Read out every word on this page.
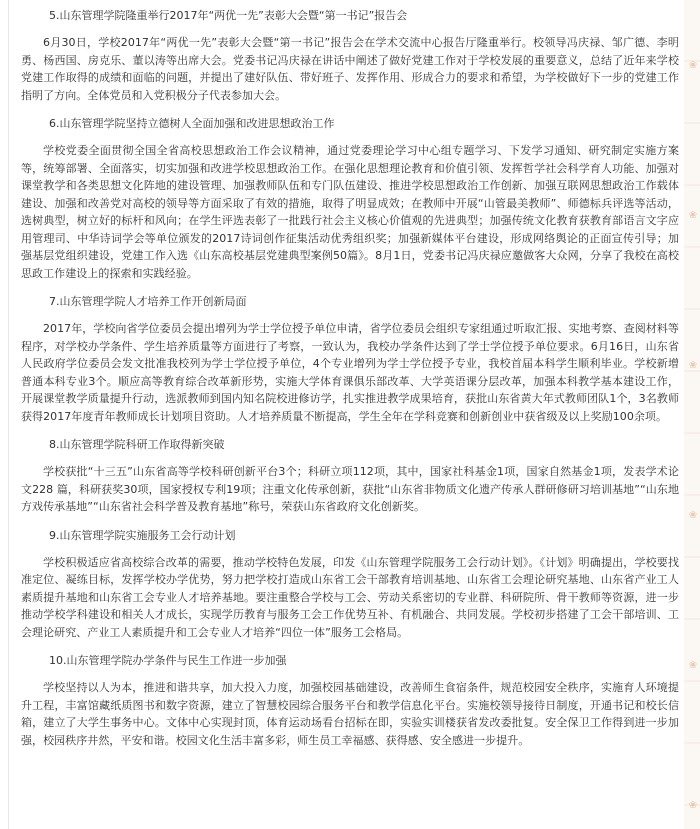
❀
❀
❀
❀
❀
❀
5.山东管理学院隆重举行2017年“两优一先”表彰大会暨“第一书记”报告会

6月30日，学校2017年“两优一先”表彰大会暨“第一书记”报告会在学术交流中心报告厅隆重举行。校领导冯庆禄、邹广德、李明勇、杨西国、房克乐、董以涛等出席大会。党委书记冯庆禄在讲话中阐述了做好党建工作对于学校发展的重要意义，总结了近年来学校党建工作取得的成绩和面临的问题，并提出了建好队伍、带好班子、发挥作用、形成合力的要求和希望，为学校做好下一步的党建工作指明了方向。全体党员和入党积极分子代表参加大会。

6.山东管理学院坚持立德树人全面加强和改进思想政治工作

学校党委全面贯彻全国全省高校思想政治工作会议精神，通过党委理论学习中心组专题学习、下发学习通知、研究制定实施方案等，统筹部署、全面落实，切实加强和改进学校思想政治工作。在强化思想理论教育和价值引领、发挥哲学社会科学育人功能、加强对课堂教学和各类思想文化阵地的建设管理、加强教师队伍和专门队伍建设、推进学校思想政治工作创新、加强互联网思想政治工作载体建设、加强和改善党对高校的领导等方面采取了有效的措施，取得了明显成效；在教师中开展“山管最美教师”、师德标兵评选等活动，选树典型，树立好的标杆和风向；在学生评选表彰了一批践行社会主义核心价值观的先进典型；加强传统文化教育获教育部语言文字应用管理司、中华诗词学会等单位颁发的2017诗词创作征集活动优秀组织奖；加强新媒体平台建设，形成网络舆论的正面宣传引导；加强基层党组织建设，党建工作入选《山东高校基层党建典型案例50篇》。8月1日，党委书记冯庆禄应邀做客大众网，分享了我校在高校思政工作建设上的探索和实践经验。

7.山东管理学院人才培养工作开创新局面

2017年，学校向省学位委员会提出增列为学士学位授予单位申请，省学位委员会组织专家组通过听取汇报、实地考察、查阅材料等程序，对学校办学条件、学生培养质量等方面进行了考察，一致认为，我校办学条件达到了学士学位授予单位要求。6月16日，山东省人民政府学位委员会发文批准我校列为学士学位授予单位，4个专业增列为学士学位授予专业，我校首届本科学生顺利毕业。学校新增普通本科专业3个。顺应高等教育综合改革新形势，实施大学体育课俱乐部改革、大学英语课分层改革，加强本科教学基本建设工作，开展课堂教学质量提升行动，选派教师到国内知名院校进修访学，扎实推进教学成果培育，获批山东省黄大年式教师团队1个，3名教师获得2017年度青年教师成长计划项目资助。人才培养质量不断提高，学生全年在学科竞赛和创新创业中获省级及以上奖励100余项。

8.山东管理学院科研工作取得新突破

学校获批“十三五”山东省高等学校科研创新平台3个；科研立项112项，其中，国家社科基金1项，国家自然基金1项，发表学术论文228 篇，科研获奖30项，国家授权专利19项；注重文化传承创新，获批“山东省非物质文化遗产传承人群研修研习培训基地”“山东地方戏传承基地”“山东省社会科学普及教育基地”称号，荣获山东省政府文化创新奖。

9.山东管理学院实施服务工会行动计划

学校积极适应省高校综合改革的需要，推动学校特色发展，印发《山东管理学院服务工会行动计划》。《计划》明确提出，学校要找准定位、凝练目标，发挥学校办学优势，努力把学校打造成山东省工会干部教育培训基地、山东省工会理论研究基地、山东省产业工人素质提升基地和山东省工会专业人才培养基地。要注重整合学校与工会、劳动关系密切的专业群、科研院所、骨干教师等资源，进一步推动学校学科建设和相关人才成长，实现学历教育与服务工会工作优势互补、有机融合、共同发展。学校初步搭建了工会干部培训、工会理论研究、产业工人素质提升和工会专业人才培养“四位一体”服务工会格局。

10.山东管理学院办学条件与民生工作进一步加强

学校坚持以人为本，推进和谐共享，加大投入力度，加强校园基础建设，改善师生食宿条件，规范校园安全秩序，实施育人环境提升工程，丰富馆藏纸质图书和数字资源，建立了智慧校园综合服务平台和教学信息化平台。实施校领导接待日制度，开通书记和校长信箱，建立了大学生事务中心。文体中心实现封顶，体育运动场看台招标在即，实验实训楼获省发改委批复。安全保卫工作得到进一步加强，校园秩序井然，平安和谐。校园文化生活丰富多彩，师生员工幸福感、获得感、安全感进一步提升。
